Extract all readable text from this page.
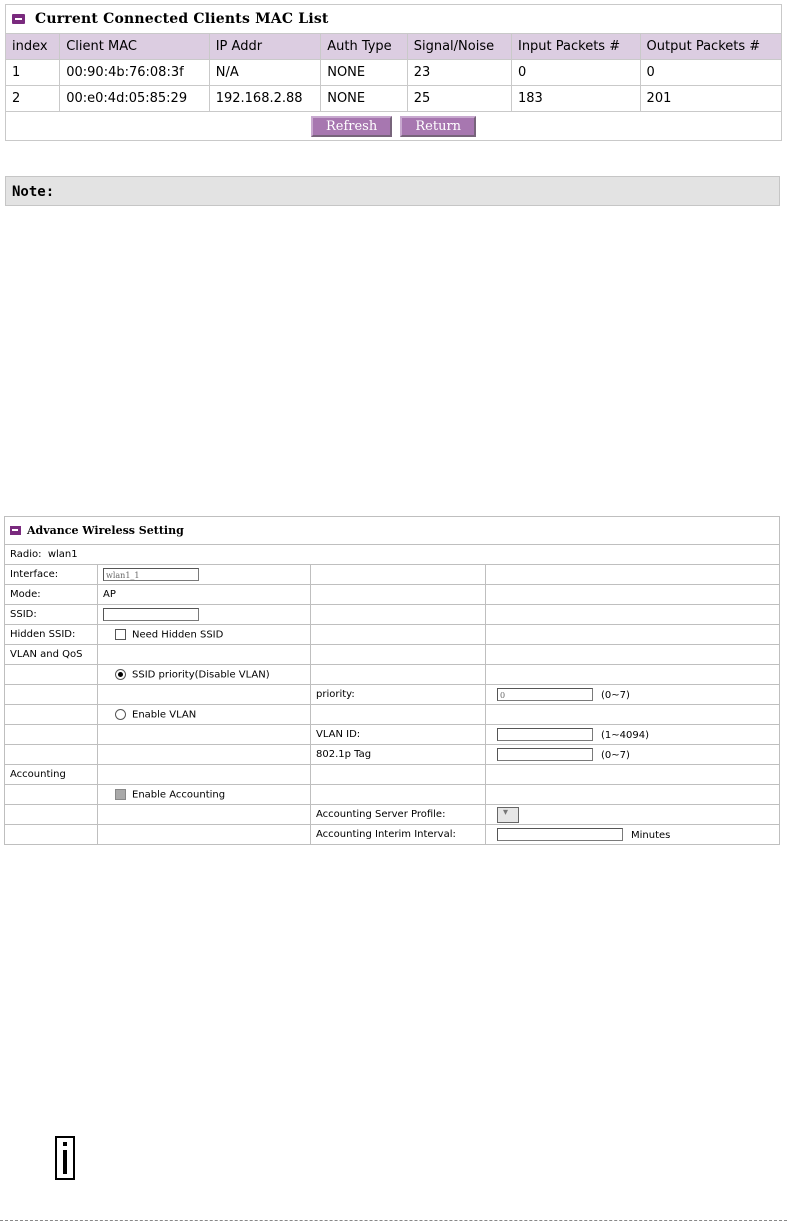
Current Connected Clients MAC List						
index	Client MAC	IP Addr	Auth Type	Signal/Noise	Input Packets #	Output Packets #
1	00:90:4b:76:08:3f	N/A	NONE	23	0	0
2	00:e0:4d:05:85:29	192.168.2.88	NONE	25	183	201
Refresh Return						
Note:
Advance Wireless Setting			
Radio: wlan1			
Interface:	wlan1_1		
Mode:	AP		
SSID:			
Hidden SSID:	Need Hidden SSID		
VLAN and QoS			
	SSID priority(Disable VLAN)		
		priority:	0 (0~7)
	Enable VLAN		
		VLAN ID:	(1~4094)
		802.1p Tag	(0~7)
Accounting			
	Enable Accounting		
		Accounting Server Profile:	▾
		Accounting Interim Interval:	Minutes
